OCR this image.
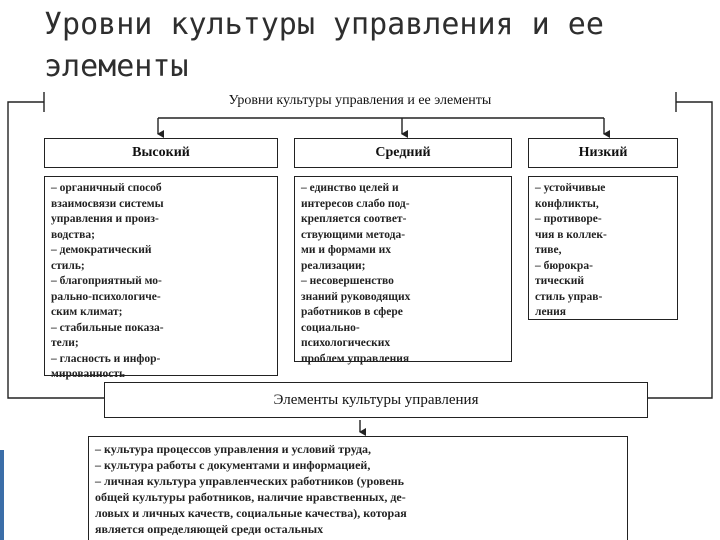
Уровни культуры управления и ее элементы
Уровни культуры управления и ее элементы
Высокий	Средний	Низкий
– органичный способ
взаимосвязи системы
управления и произ-
водства;
– демократический
стиль;
– благоприятный мо-
рально-психологиче-
ским климат;
– стабильные показа-
тели;
– гласность и инфор-
мированность
– единство целей и
интересов слабо под-
крепляется соответ-
ствующими методa-
ми и формами их
реализации;
– несовершенство
знаний руководящих
работников в сфере
социально-
психологических
проблем управления
– устойчивые
конфликты,
– противоре-
чия в коллек-
тиве,
– бюрокра-
тический
стиль управ-
ления
Элементы культуры управления
– культура процессов управления и условий труда,
– культура работы с документами и информацией,
– личная культура управленческих работников (уровень
общей культуры работников, наличие нравственных, де-
ловых и личных качеств, социальные качества), которая
является определяющей среди остальных
